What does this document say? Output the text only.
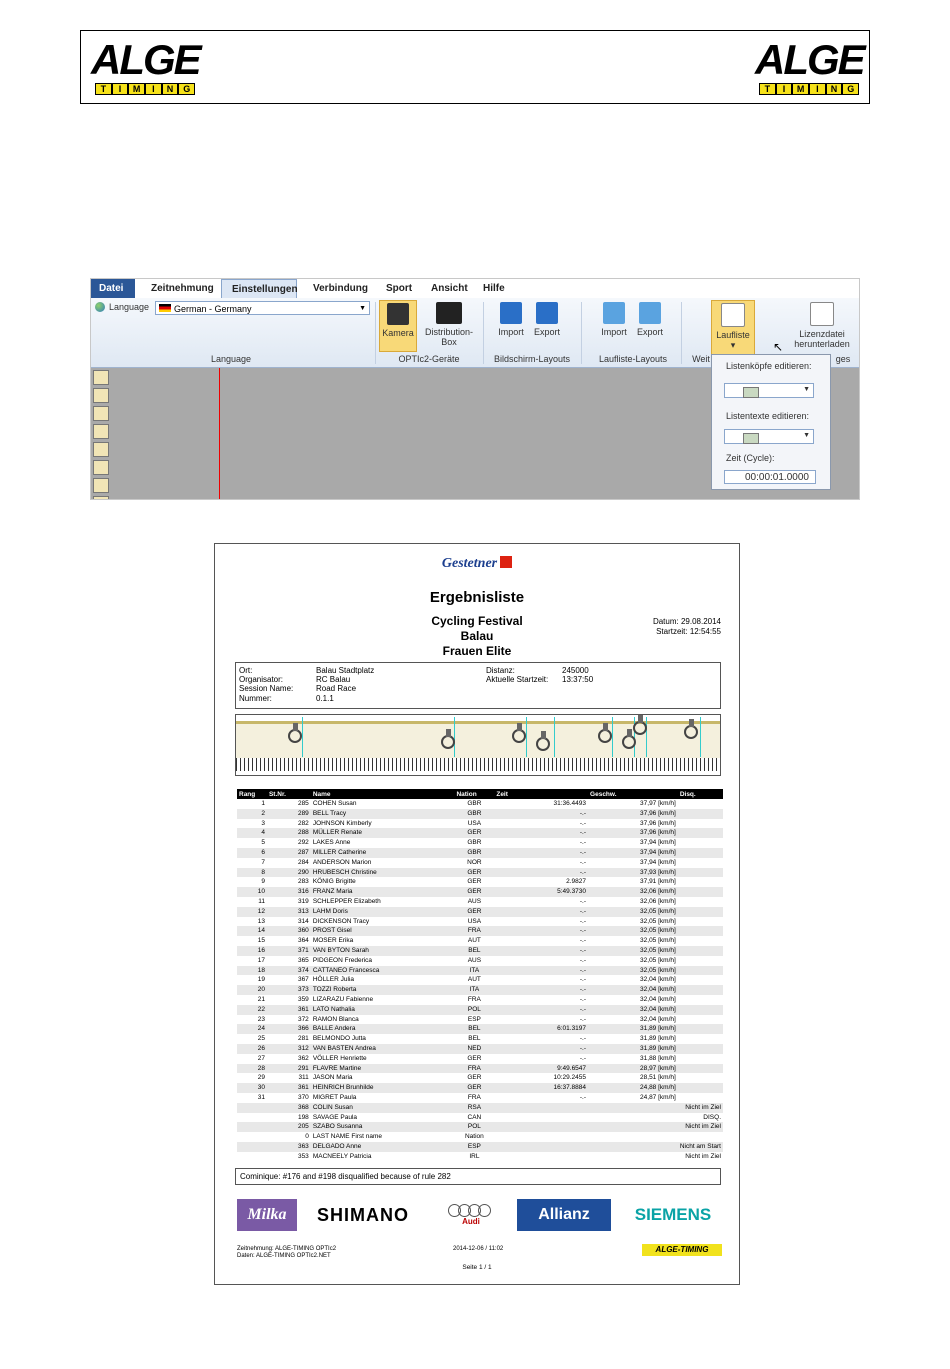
ALGE
T	I	M	I	N	G
ALGE
T	I	M	I	N	G
Datei	Zeitnehmung	Einstellungen	Verbindung	Sport	Ansicht	Hilfe
Language	German - Germany	▼
Language
Kamera	Distribution-
Box
OPTIc2-Geräte
Import	Export
Bildschirm-Layouts
Import	Export
Laufliste-Layouts
Laufliste
▾
Weit
Lizenzdatei
herunterladen
ges
↖
Listenköpfe editieren:
▼
Listentexte editieren:
▼
Zeit (Cycle):
00:00:01.0000
Gestetner
Ergebnisliste
Cycling Festival
Balau
Frauen Elite
Datum: 29.08.2014
Startzeit: 12:54:55
Ort:	Balau Stadtplatz
Organisator:	RC Balau
Session Name:	Road Race
Nummer:	0.1.1
Distanz:	245000
Aktuelle Startzeit: 13:37:50
Rang	St.Nr.	Name	Nation	Zeit	Geschw.	Disq.
1	285	COHEN Susan	GBR	31:36.4493	37,97 [km/h]	
2	289	BELL Tracy	GBR	-.-	37,96 [km/h]	
3	282	JOHNSON Kimberly	USA	-.-	37,96 [km/h]	
4	288	MÜLLER Renate	GER	-.-	37,96 [km/h]	
5	292	LAKES Anne	GBR	-.-	37,94 [km/h]	
6	287	MILLER Catherine	GBR	-.-	37,94 [km/h]	
7	284	ANDERSON Marion	NOR	-.-	37,94 [km/h]	
8	290	HRUBESCH Christine	GER	-.-	37,93 [km/h]	
9	283	KÖNIG Brigitte	GER	2.9827	37,91 [km/h]	
10	316	FRANZ Maria	GER	5:49.3730	32,06 [km/h]	
11	319	SCHLEPPER Elizabeth	AUS	-.-	32,06 [km/h]	
12	313	LAHM Doris	GER	-.-	32,05 [km/h]	
13	314	DICKENSON Tracy	USA	-.-	32,05 [km/h]	
14	360	PROST Gisel	FRA	-.-	32,05 [km/h]	
15	364	MOSER Erika	AUT	-.-	32,05 [km/h]	
16	371	VAN BYTON Sarah	BEL	-.-	32,05 [km/h]	
17	365	PIDGEON Frederica	AUS	-.-	32,05 [km/h]	
18	374	CATTANEO Francesca	ITA	-.-	32,05 [km/h]	
19	367	HÖLLER Julia	AUT	-.-	32,04 [km/h]	
20	373	TOZZI Roberta	ITA	-.-	32,04 [km/h]	
21	359	LIZARAZU Fabienne	FRA	-.-	32,04 [km/h]	
22	361	LATO Nathalia	POL	-.-	32,04 [km/h]	
23	372	RAMON Blanca	ESP	-.-	32,04 [km/h]	
24	366	BALLE Andera	BEL	6:01.3197	31,89 [km/h]	
25	281	BELMONDO Jutta	BEL	-.-	31,89 [km/h]	
26	312	VAN BASTEN Andrea	NED	-.-	31,89 [km/h]	
27	362	VÖLLER Henriette	GER	-.-	31,88 [km/h]	
28	291	FLAVRE Martine	FRA	9:49.6547	28,97 [km/h]	
29	311	JASON Maria	GER	10:29.2455	28,51 [km/h]	
30	361	HEINRICH Brunhilde	GER	16:37.8884	24,88 [km/h]	
31	370	MIGRET Paula	FRA	-.-	24,87 [km/h]	
	368	COLIN Susan	RSA			Nicht im Ziel
	198	SAVAGE Paula	CAN			DISQ.
	205	SZABO Susanna	POL			Nicht im Ziel
	0	LAST NAME First name	Nation			
	363	DELGADO Anne	ESP			Nicht am Start
	353	MACNEELY Patricia	IRL			Nicht im Ziel
Cominique: #176 and #198 disqualified because of rule 282
Milka	SHIMANO	Audi	Allianz	SIEMENS
Zeitnehmung: ALGE-TIMING OPTIc2
Daten: ALGE-TIMING OPTIc2.NET
2014-12-06 / 11:02	ALGE-TIMING
Seite 1 / 1
